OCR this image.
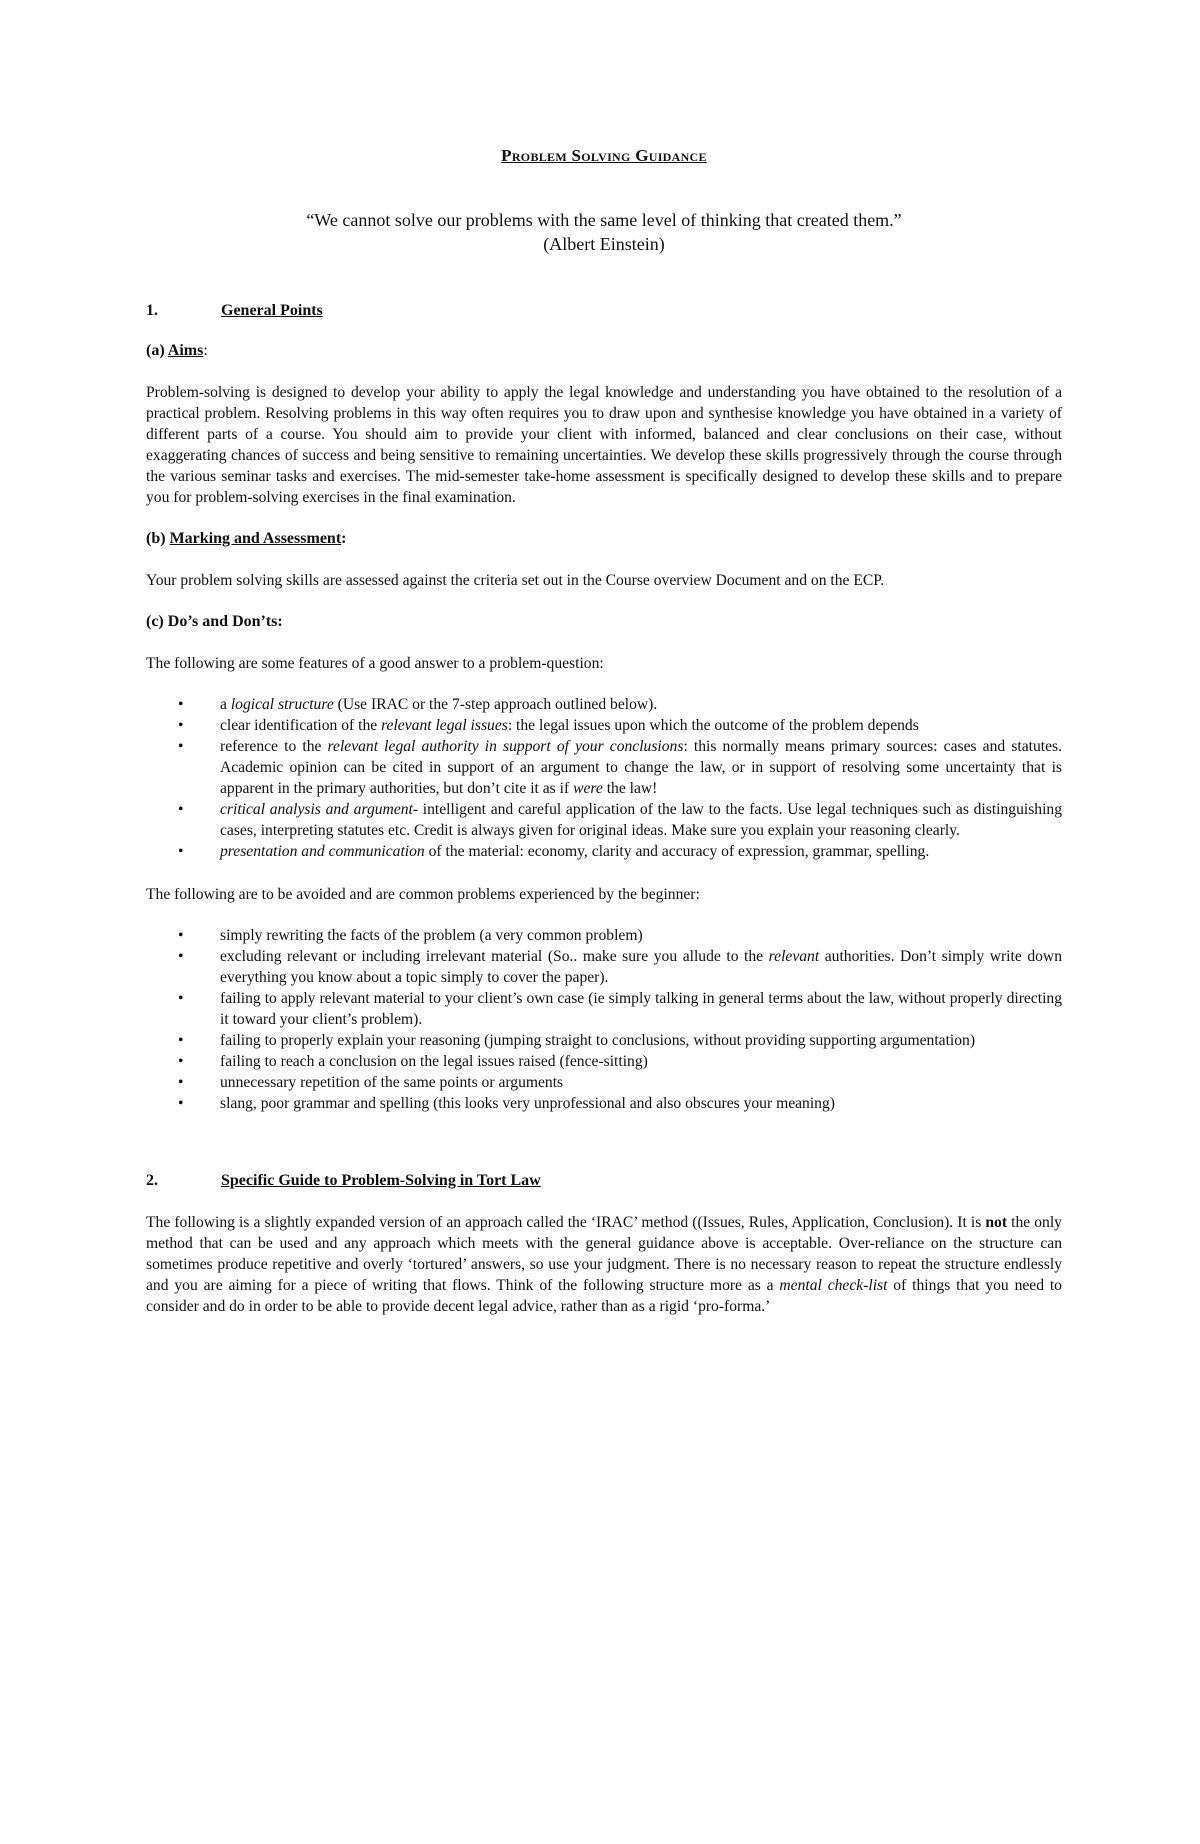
Problem Solving Guidance
“We cannot solve our problems with the same level of thinking that created them.”
(Albert Einstein)
1.	General Points
(a) Aims:
Problem-solving is designed to develop your ability to apply the legal knowledge and understanding you have obtained to the resolution of a practical problem. Resolving problems in this way often requires you to draw upon and synthesise knowledge you have obtained in a variety of different parts of a course. You should aim to provide your client with informed, balanced and clear conclusions on their case, without exaggerating chances of success and being sensitive to remaining uncertainties. We develop these skills progressively through the course through the various seminar tasks and exercises. The mid-semester take-home assessment is specifically designed to develop these skills and to prepare you for problem-solving exercises in the final examination.
(b) Marking and Assessment:
Your problem solving skills are assessed against the criteria set out in the Course overview Document and on the ECP.
(c) Do’s and Don’ts:
The following are some features of a good answer to a problem-question:
• a logical structure (Use IRAC or the 7-step approach outlined below).
• clear identification of the relevant legal issues: the legal issues upon which the outcome of the problem depends
• reference to the relevant legal authority in support of your conclusions: this normally means primary sources: cases and statutes. Academic opinion can be cited in support of an argument to change the law, or in support of resolving some uncertainty that is apparent in the primary authorities, but don’t cite it as if were the law!
• critical analysis and argument- intelligent and careful application of the law to the facts. Use legal techniques such as distinguishing cases, interpreting statutes etc. Credit is always given for original ideas. Make sure you explain your reasoning clearly.
• presentation and communication of the material: economy, clarity and accuracy of expression, grammar, spelling.
The following are to be avoided and are common problems experienced by the beginner:
• simply rewriting the facts of the problem (a very common problem)
• excluding relevant or including irrelevant material (So.. make sure you allude to the relevant authorities. Don’t simply write down everything you know about a topic simply to cover the paper).
• failing to apply relevant material to your client’s own case (ie simply talking in general terms about the law, without properly directing it toward your client’s problem).
• failing to properly explain your reasoning (jumping straight to conclusions, without providing supporting argumentation)
• failing to reach a conclusion on the legal issues raised (fence-sitting)
• unnecessary repetition of the same points or arguments
• slang, poor grammar and spelling (this looks very unprofessional and also obscures your meaning)
2.	Specific Guide to Problem-Solving in Tort Law
The following is a slightly expanded version of an approach called the ‘IRAC’ method ((Issues, Rules, Application, Conclusion). It is not the only method that can be used and any approach which meets with the general guidance above is acceptable. Over-reliance on the structure can sometimes produce repetitive and overly ‘tortured’ answers, so use your judgment. There is no necessary reason to repeat the structure endlessly and you are aiming for a piece of writing that flows. Think of the following structure more as a mental check-list of things that you need to consider and do in order to be able to provide decent legal advice, rather than as a rigid ‘pro-forma.’
